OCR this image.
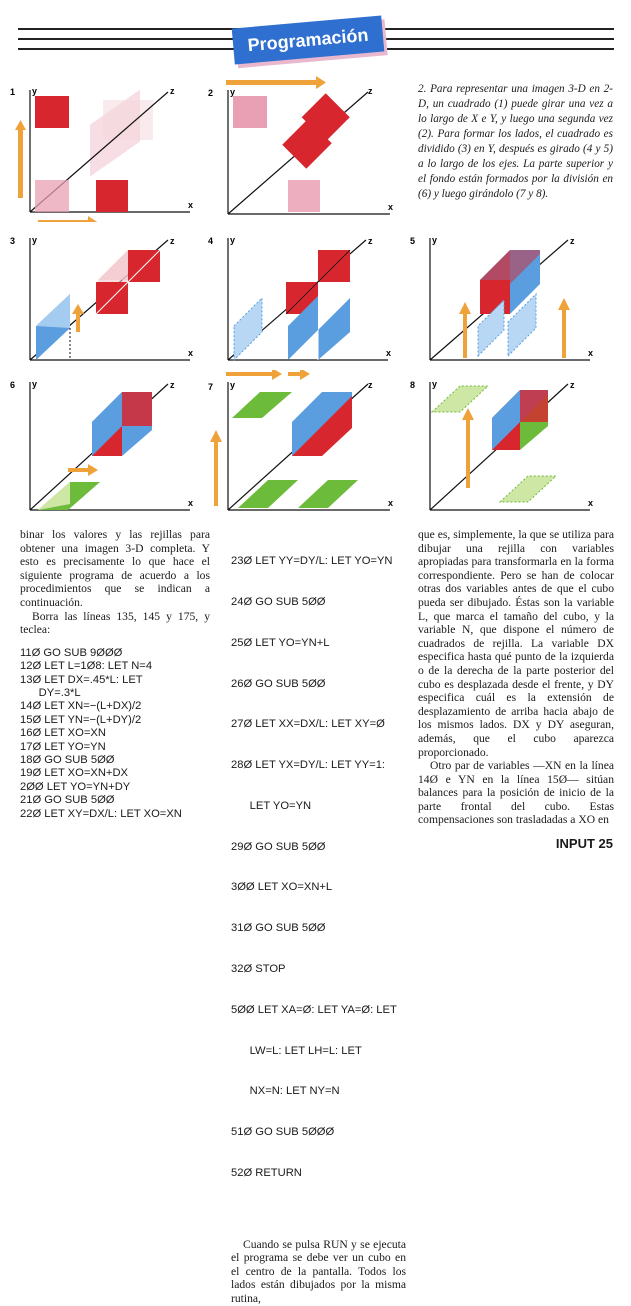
Programación
1 y	z
x
2 y	z
x
2. Para representar una imagen 3-D en 2-D, un cuadrado (1) puede girar una vez a lo largo de X e Y, y luego una segunda vez (2). Para formar los lados, el cuadrado es dividido (3) en Y, después es girado (4 y 5) a lo largo de los ejes. La parte superior y el fondo están formados por la división en (6) y luego girándolo (7 y 8).
3 y	z
x
4 y	z
x
5 y	z
x
6 y	z
x
7 y	z
x
8 y	z
x

binar los valores y las rejillas para obtener una imagen 3-D completa. Y esto es precisamente lo que hace el siguiente programa de acuerdo a los procedimientos que se indican a continuación.

Borra las líneas 135, 145 y 175, y teclea:

11Ø GO SUB 9ØØØ
12Ø LET L=1Ø8: LET N=4
13Ø LET DX=.45*L: LET
DY=.3*L
14Ø LET XN=−(L+DX)/2
15Ø LET YN=−(L+DY)/2
16Ø LET XO=XN
17Ø LET YO=YN
18Ø GO SUB 5ØØ
19Ø LET XO=XN+DX
2ØØ LET YO=YN+DY
21Ø GO SUB 5ØØ
22Ø LET XY=DX/L: LET XO=XN

23Ø LET YY=DY/L: LET YO=YN

24Ø GO SUB 5ØØ

25Ø LET YO=YN+L

26Ø GO SUB 5ØØ

27Ø LET XX=DX/L: LET XY=Ø

28Ø LET YX=DY/L: LET YY=1:

LET YO=YN

29Ø GO SUB 5ØØ

3ØØ LET XO=XN+L

31Ø GO SUB 5ØØ

32Ø STOP

5ØØ LET XA=Ø: LET YA=Ø: LET

LW=L: LET LH=L: LET

NX=N: LET NY=N

51Ø GO SUB 5ØØØ

52Ø RETURN

Cuando se pulsa RUN y se ejecuta el programa se debe ver un cubo en el centro de la pantalla. Todos los lados están dibujados por la misma rutina,

que es, simplemente, la que se utiliza para dibujar una rejilla con variables apropiadas para transformarla en la forma correspondiente. Pero se han de colocar otras dos variables antes de que el cubo pueda ser dibujado. Éstas son la variable L, que marca el tamaño del cubo, y la variable N, que dispone el número de cuadrados de rejilla. La variable DX especifica hasta qué punto de la izquierda o de la derecha de la parte posterior del cubo es desplazada desde el frente, y DY especifica cuál es la extensión de desplazamiento de arriba hacia abajo de los mismos lados. DX y DY aseguran, además, que el cubo aparezca proporcionado.

Otro par de variables —XN en la línea 14Ø e YN en la línea 15Ø— sitúan balances para la posición de inicio de la parte frontal del cubo. Estas compensaciones son trasladadas a XO en

INPUT 25
